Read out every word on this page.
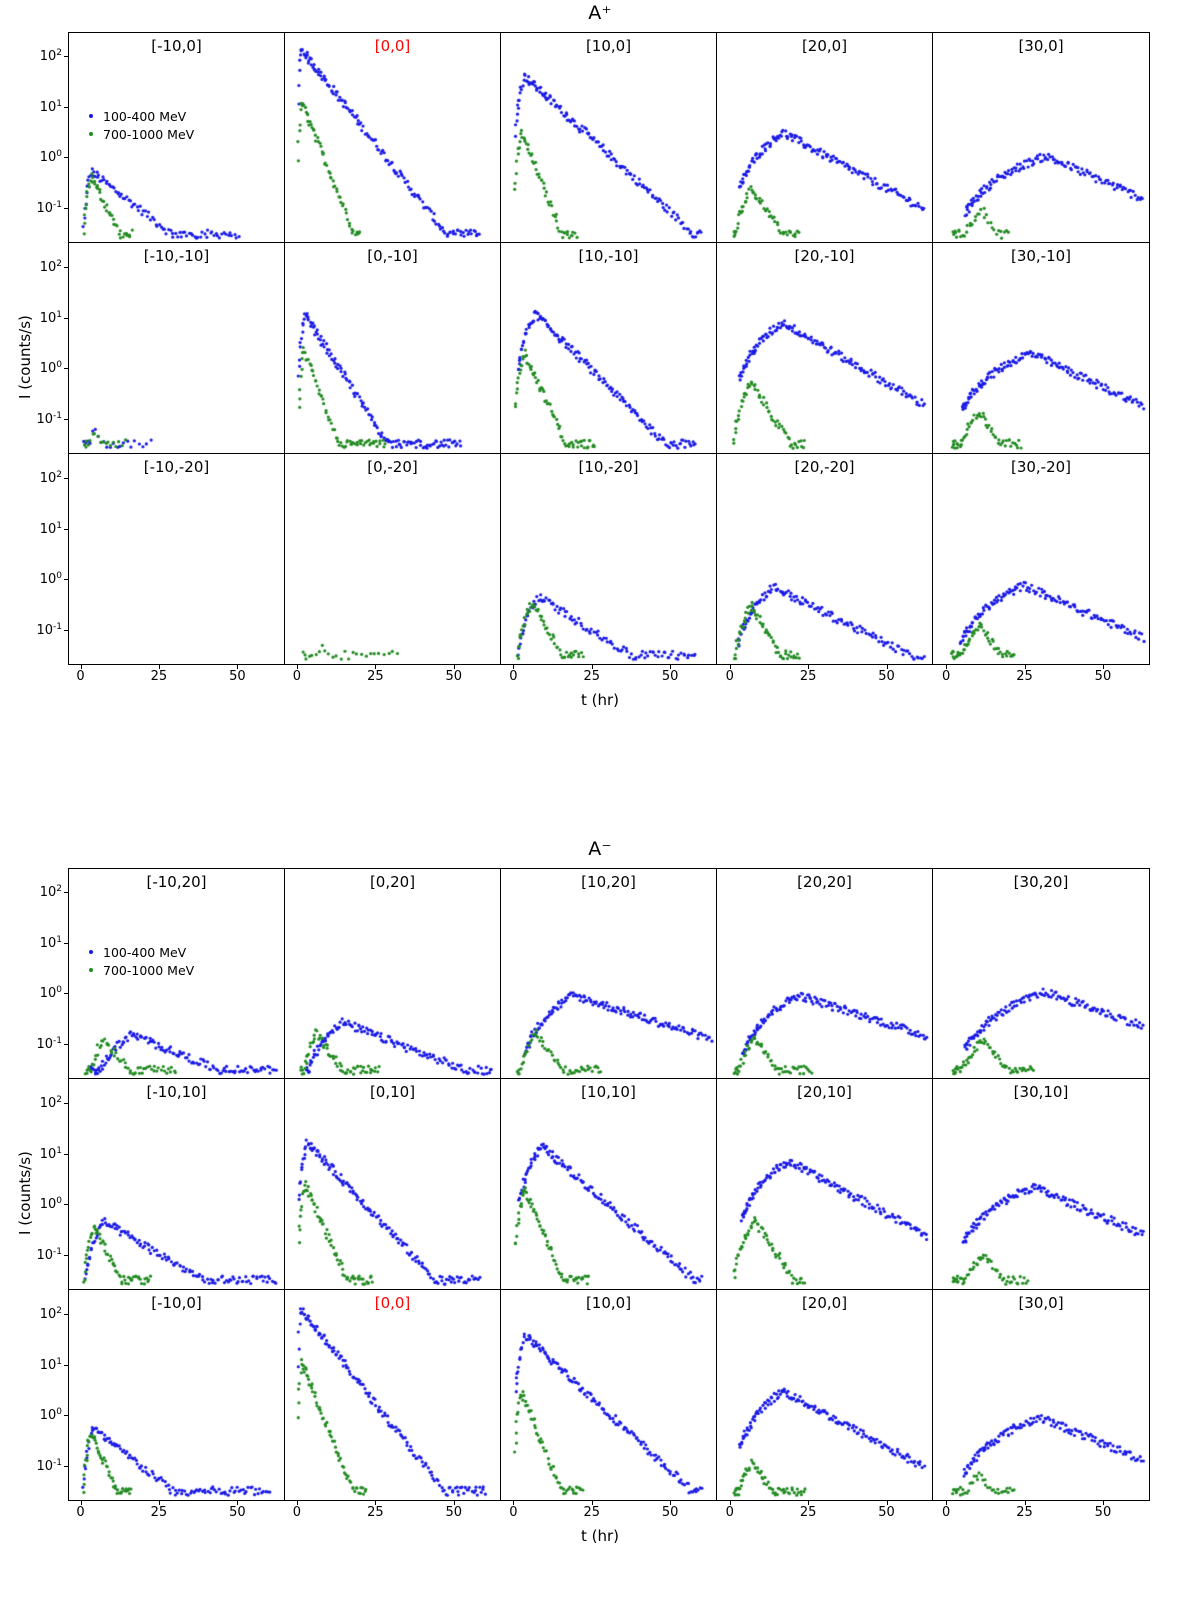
A⁺
100-400 MeV
700-1000 MeV
$10^2$
$10^1$
$10^0$
$10^{-1}$
$10^2$
$10^1$
$10^0$
$10^{-1}$
$10^2$
$10^1$
$10^0$
$10^{-1}$
0	25	50	0	25	50	0	25	50	0	25	50	0	25	50
t (hr)
I (counts/s)
A⁻
100-400 MeV
700-1000 MeV
$10^2$
$10^1$
$10^0$
$10^{-1}$
$10^2$
$10^1$
$10^0$
$10^{-1}$
$10^2$
$10^1$
$10^0$
$10^{-1}$
0	25	50	0	25	50	0	25	50	0	25	50	0	25	50
t (hr)
I (counts/s)
